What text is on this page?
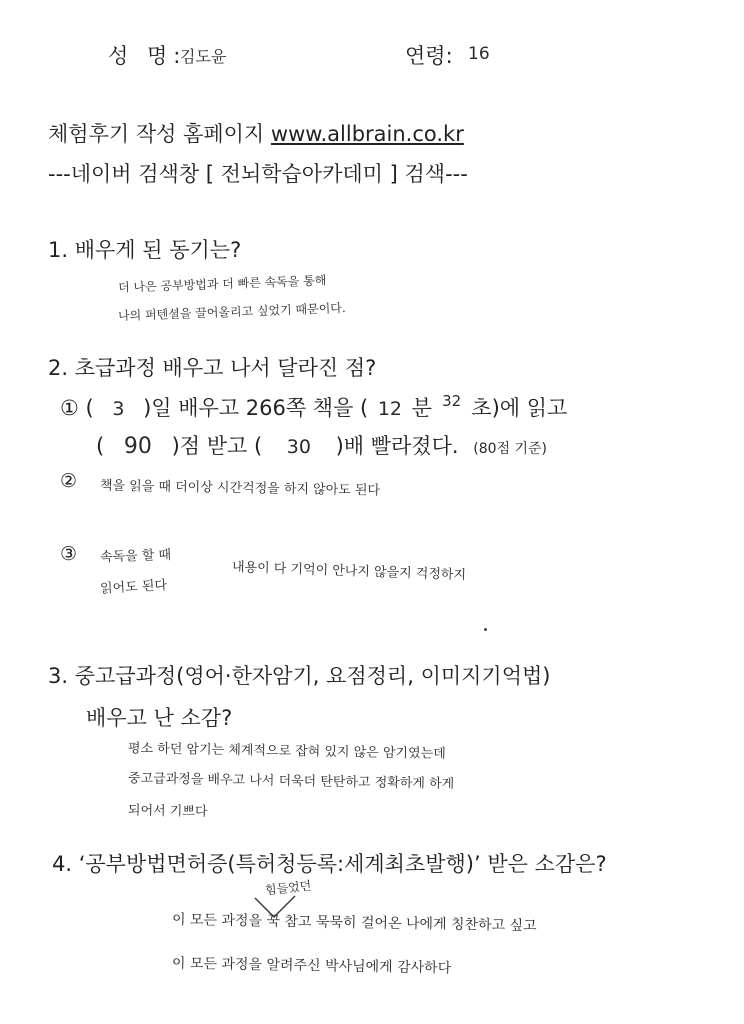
성 명:
김도윤	연령: 16
체험후기 작성 홈페이지 www.allbrain.co.kr
---네이버 검색창 [ 전뇌학습아카데미 ] 검색---
1. 배우게 된 동기는?
더 나은 공부방법과 더 빠른 속독을 통해
나의 퍼텐셜을 끌어올리고 싶었기 때문이다.
2. 초급과정 배우고 나서 달라진 점?
① ( 3 )일 배우고 266쪽 책을 ( 12 분 32 초)에 읽고
( 90 )점 받고 ( 30 )배 빨라졌다. (80점 기준)
② 책을 읽을 때 더이상 시간걱정을 하지 않아도 된다
③ 속독을 할 때
읽어도 된다
내용이 다 기억이 안나지 않을지 걱정하지
3. 중고급과정(영어·한자암기, 요점정리, 이미지기억법)
배우고 난 소감?
평소 하던 암기는 체계적으로 잡혀 있지 않은 암기였는데
중고급과정을 배우고 나서 더욱더 탄탄하고 정확하게 하게
되어서 기쁘다
4. ‘공부방법면허증(특허청등록:세계최초발행)’ 받은 소감은?
힘들었던
이 모든 과정을 꾹 참고 묵묵히 걸어온 나에게 칭찬하고 싶고
이 모든 과정을 알려주신 박사님에게 감사하다
